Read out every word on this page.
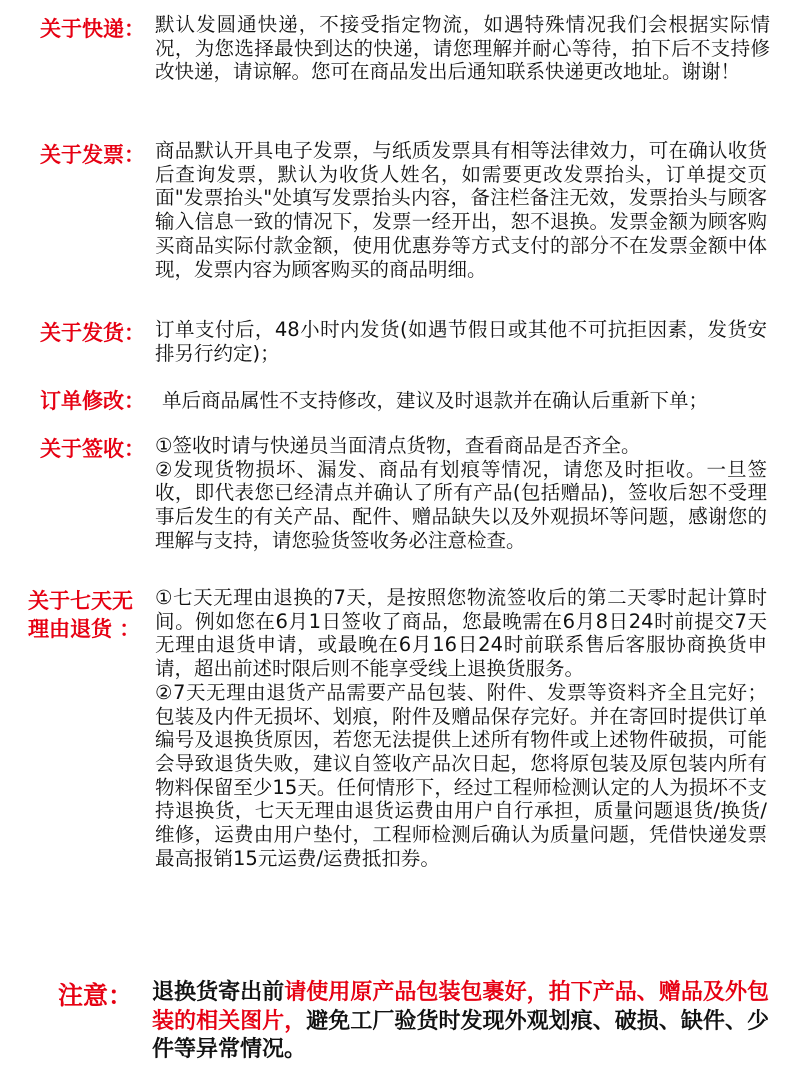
关于快递： 默认发圆通快递，不接受指定物流，如遇特殊情况我们会根据实际情况，为您选择最快到达的快递，请您理解并耐心等待，拍下后不支持修改快递，请谅解。您可在商品发出后通知联系快递更改地址。谢谢！

关于发票： 商品默认开具电子发票，与纸质发票具有相等法律效力，可在确认收货后查询发票，默认为收货人姓名，如需要更改发票抬头，订单提交页面"发票抬头"处填写发票抬头内容，备注栏备注无效，发票抬头与顾客输入信息一致的情况下，发票一经开出，恕不退换。发票金额为顾客购买商品实际付款金额，使用优惠券等方式支付的部分不在发票金额中体现，发票内容为顾客购买的商品明细。

关于发货： 订单支付后，48小时内发货(如遇节假日或其他不可抗拒因素，发货安排另行约定)；

订单修改： 单后商品属性不支持修改，建议及时退款并在确认后重新下单；

关于签收： ①签收时请与快递员当面清点货物，查看商品是否齐全。

②发现货物损坏、漏发、商品有划痕等情况，请您及时拒收。一旦签收，即代表您已经清点并确认了所有产品(包括赠品)，签收后恕不受理事后发生的有关产品、配件、赠品缺失以及外观损坏等问题，感谢您的理解与支持，请您验货签收务必注意检查。

关于七天无
理由退货 ：

①七天无理由退换的7天，是按照您物流签收后的第二天零时起计算时间。例如您在6月1日签收了商品，您最晚需在6月8日24时前提交7天无理由退货申请，或最晚在6月16日24时前联系售后客服协商换货申请，超出前述时限后则不能享受线上退换货服务。

②7天无理由退货产品需要产品包装、附件、发票等资料齐全且完好；包装及内件无损坏、划痕，附件及赠品保存完好。并在寄回时提供订单编号及退换货原因，若您无法提供上述所有物件或上述物件破损，可能会导致退货失败，建议自签收产品次日起，您将原包装及原包装内所有物料保留至少15天。任何情形下，经过工程师检测认定的人为损坏不支持退换货，七天无理由退货运费由用户自行承担，质量问题退货/换货/维修，运费由用户垫付，工程师检测后确认为质量问题，凭借快递发票最高报销15元运费/运费抵扣券。

注意： 退换货寄出前请使用原产品包装包裹好，拍下产品、赠品及外包装的相关图片，避免工厂验货时发现外观划痕、破损、缺件、少件等异常情况。
